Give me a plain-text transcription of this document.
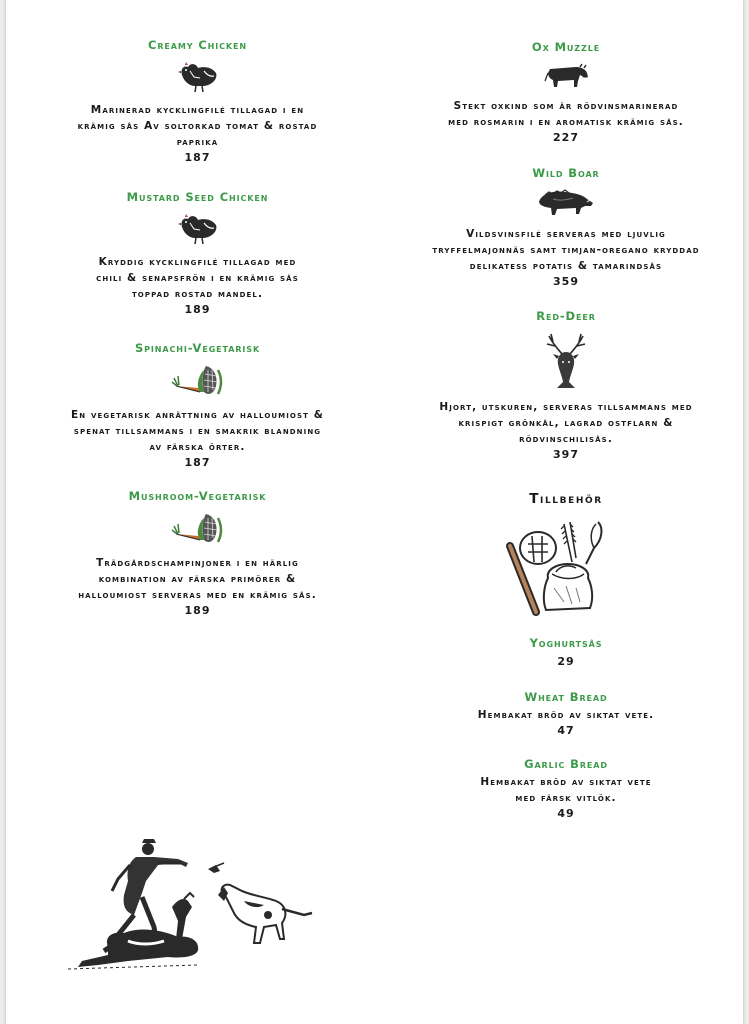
Creamy Chicken
Marinerad kycklingfilé tillagad i en
krämig sås Av soltorkad tomat & rostad
paprika
187
Mustard Seed Chicken
Kryddig kycklingfilé tillagad med
chili & senapsfrön i en krämig sås
toppad rostad mandel.
189
Spinachi-Vegetarisk
En vegetarisk anrättning av halloumiost &
spenat tillsammans i en smakrik blandning
av färska örter.
187
Mushroom-Vegetarisk
Trädgårdschampinjoner i en härlig
kombination av färska primörer &
halloumiost serveras med en krämig sås.
189
Ox Muzzle
Stekt oxkind som är rödvinsmarinerad
med rosmarin i en aromatisk krämig sås.
227
Wild Boar
Vildsvinsfilé serveras med ljuvlig
tryffelmajonnäs samt timjan-oregano kryddad
delikatess potatis & tamarindsås
359
Red-Deer
Hjort, utskuren, serveras tillsammans med
krispigt grönkål, lagrad ostflarn &
rödvinschilisås.
397
Tillbehör
Yoghurtsås
29
Wheat Bread
Hembakat bröd av siktat vete.
47
Garlic Bread
Hembakat bröd av siktat vete
med färsk vitlök.
49
